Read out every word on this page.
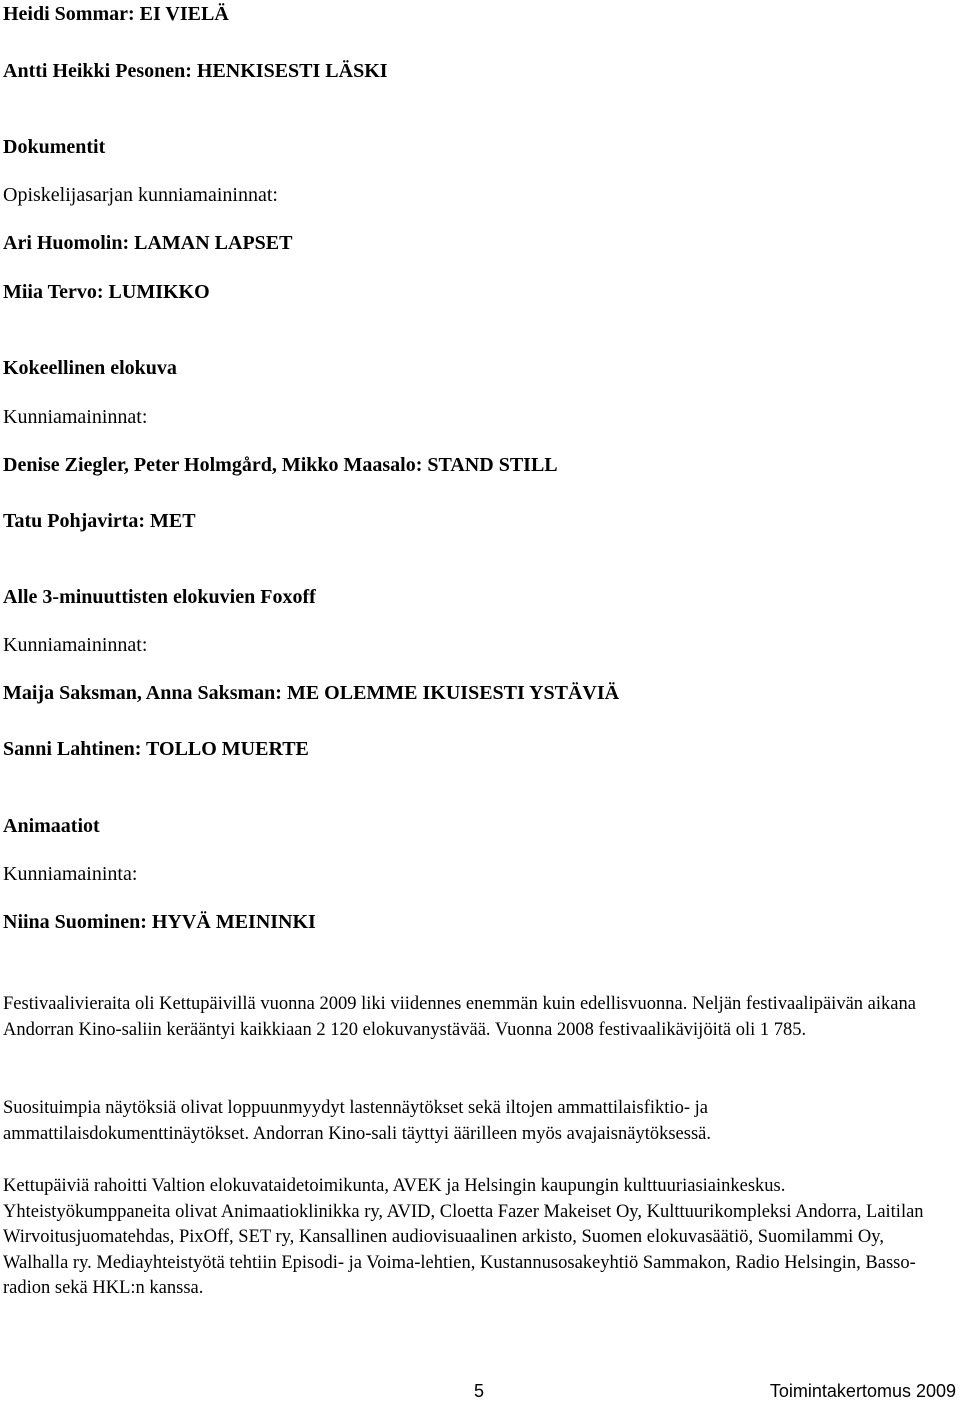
Heidi Sommar: EI VIELÄ

Antti Heikki Pesonen: HENKISESTI LÄSKI

Dokumentit

Opiskelijasarjan kunniamaininnat:

Ari Huomolin: LAMAN LAPSET

Miia Tervo: LUMIKKO

Kokeellinen elokuva

Kunniamaininnat:

Denise Ziegler, Peter Holmgård, Mikko Maasalo: STAND STILL

Tatu Pohjavirta: MET

Alle 3-minuuttisten elokuvien Foxoff

Kunniamaininnat:

Maija Saksman, Anna Saksman: ME OLEMME IKUISESTI YSTÄVIÄ

Sanni Lahtinen: TOLLO MUERTE

Animaatiot

Kunniamaininta:

Niina Suominen: HYVÄ MEININKI

Festivaalivieraita oli Kettupäivillä vuonna 2009 liki viidennes enemmän kuin edellisvuonna. Neljän festivaalipäivän aikana Andorran Kino-saliin kerääntyi kaikkiaan 2 120 elokuvanystävää. Vuonna 2008 festivaalikävijöitä oli 1 785.

Suosituimpia näytöksiä olivat loppuunmyydyt lastennäytökset sekä iltojen ammattilaisfiktio- ja ammattilaisdokumenttinäytökset. Andorran Kino-sali täyttyi äärilleen myös avajaisnäytöksessä.

Kettupäiviä rahoitti Valtion elokuvataidetoimikunta, AVEK ja Helsingin kaupungin kulttuuriasiainkeskus. Yhteistyökumppaneita olivat Animaatioklinikka ry, AVID, Cloetta Fazer Makeiset Oy, Kulttuurikompleksi Andorra, Laitilan Wirvoitusjuomatehdas, PixOff, SET ry, Kansallinen audiovisuaalinen arkisto, Suomen elokuvasäätiö, Suomilammi Oy, Walhalla ry. Mediayhteistyötä tehtiin Episodi- ja Voima-lehtien, Kustannusosakeyhtiö Sammakon, Radio Helsingin, Basso-radion sekä HKL:n kanssa.

5	Toimintakertomus 2009
